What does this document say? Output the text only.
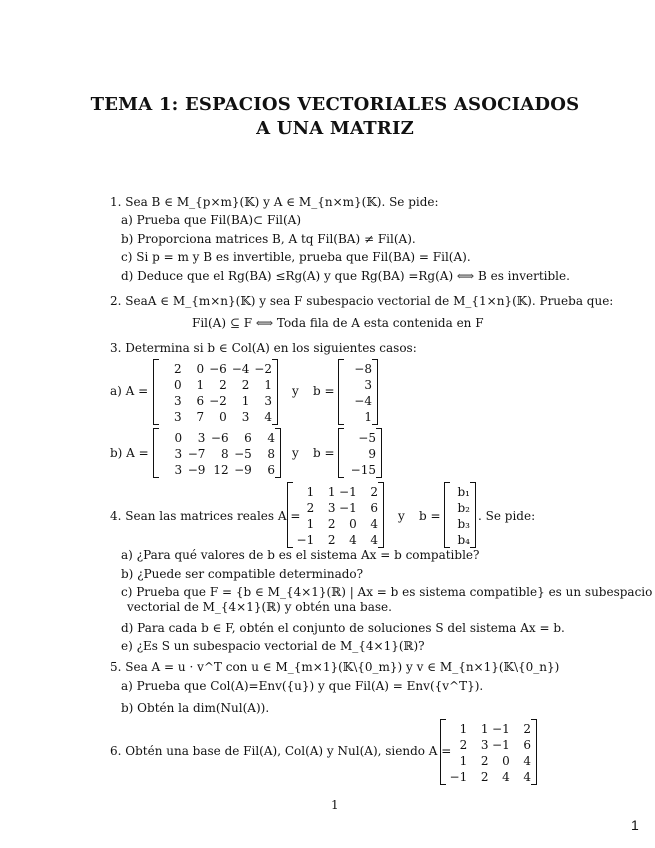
TEMA 1: ESPACIOS VECTORIALES ASOCIADOS
A UNA MATRIZ
1. Sea B ∈ M_{p×m}(𝕂) y A ∈ M_{n×m}(𝕂). Se pide:
a) Prueba que Fil(BA)⊂ Fil(A)
b) Proporciona matrices B, A tq Fil(BA) ≠ Fil(A).
c) Si p = m y B es invertible, prueba que Fil(BA) = Fil(A).
d) Deduce que el Rg(BA) ≤Rg(A) y que Rg(BA) =Rg(A) ⟺ B es invertible.
2. SeaA ∈ M_{m×n}(𝕂) y sea F subespacio vectorial de M_{1×n}(𝕂). Prueba que:
Fil(A) ⊆ F ⟺ Toda fila de A esta contenida en F
3. Determina si b ∈ Col(A) en los siguientes casos:
a) A =
2	0 −6 −4 −2
0	1	2	2	1
3	6 −2	1	3
3	7	0	3	4
y b =
−8
3
−4
1
b) A =
0	3 −6	6	4
3 −7	8 −5	8
3 −9 12 −9	6
y b =
−5
9
−15
4. Sean las matrices reales A =
1	1 −1	2
2	3 −1	6
1	2	0	4
−1	2	4	4
y b =
b₁
b₂
b₃
b₄
. Se pide:
a) ¿Para qué valores de b es el sistema Ax = b compatible?
b) ¿Puede ser compatible determinado?
c) Prueba que F = {b ∈ M_{4×1}(ℝ) | Ax = b es sistema compatible} es un subespacio
vectorial de M_{4×1}(ℝ) y obtén una base.
d) Para cada b ∈ F, obtén el conjunto de soluciones S del sistema Ax = b.
e) ¿Es S un subespacio vectorial de M_{4×1}(ℝ)?
5. Sea A = u · v^T con u ∈ M_{m×1}(𝕂\{0_m}) y v ∈ M_{n×1}(𝕂\{0_n})
a) Prueba que Col(A)=Env({u}) y que Fil(A) = Env({v^T}).
b) Obtén la dim(Nul(A)).
6. Obtén una base de Fil(A), Col(A) y Nul(A), siendo A =
1	1 −1	2
2	3 −1	6
1	2	0	4
−1	2	4	4
1
1
